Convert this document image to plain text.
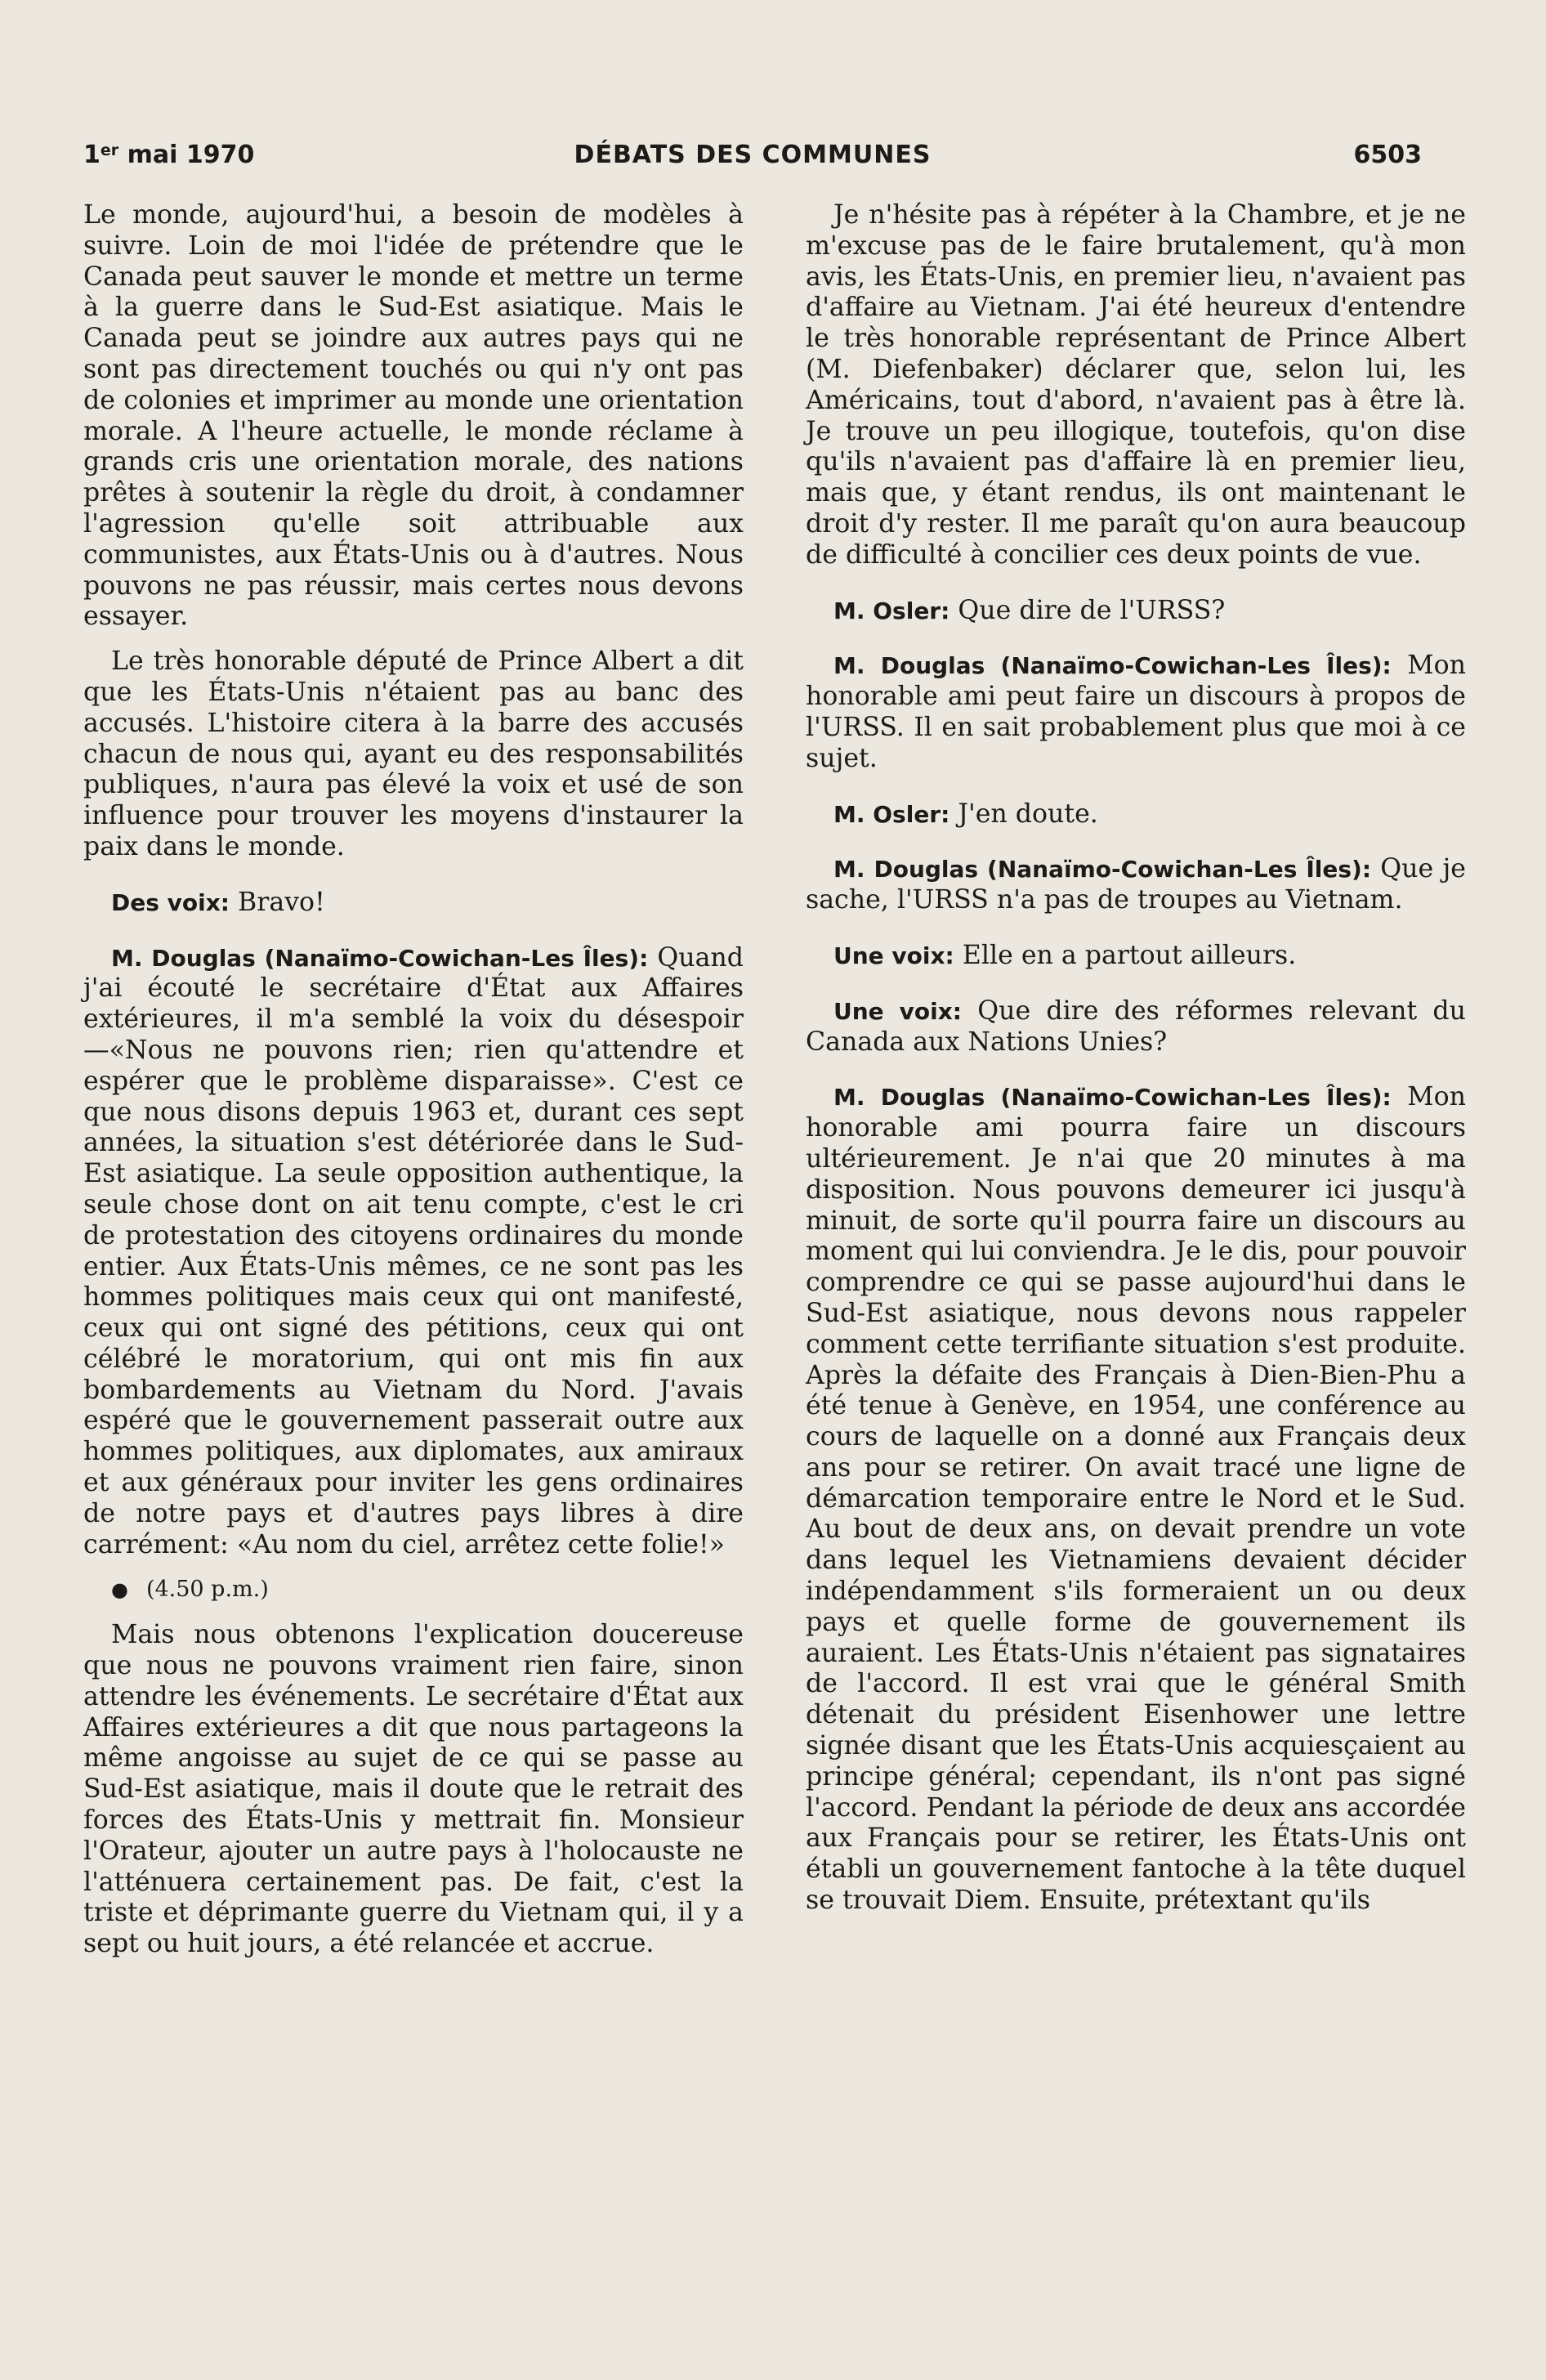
1er mai 1970	DÉBATS DES COMMUNES	6503

Le monde, aujourd'hui, a besoin de modèles à suivre. Loin de moi l'idée de prétendre que le Canada peut sauver le monde et mettre un terme à la guerre dans le Sud-Est asiatique. Mais le Canada peut se joindre aux autres pays qui ne sont pas directement touchés ou qui n'y ont pas de colonies et imprimer au monde une orientation morale. A l'heure actuelle, le monde réclame à grands cris une orientation morale, des nations prêtes à soutenir la règle du droit, à condamner l'agression qu'elle soit attribuable aux communistes, aux États-Unis ou à d'autres. Nous pouvons ne pas réussir, mais certes nous devons essayer.

Le très honorable député de Prince Albert a dit que les États-Unis n'étaient pas au banc des accusés. L'histoire citera à la barre des accusés chacun de nous qui, ayant eu des responsabilités publiques, n'aura pas élevé la voix et usé de son influence pour trouver les moyens d'instaurer la paix dans le monde.

Des voix: Bravo!

M. Douglas (Nanaïmo-Cowichan-Les Îles): Quand j'ai écouté le secrétaire d'État aux Affaires extérieures, il m'a semblé la voix du désespoir—«Nous ne pouvons rien; rien qu'attendre et espérer que le problème disparaisse». C'est ce que nous disons depuis 1963 et, durant ces sept années, la situation s'est détériorée dans le Sud-Est asiatique. La seule opposition authentique, la seule chose dont on ait tenu compte, c'est le cri de protestation des citoyens ordinaires du monde entier. Aux États-Unis mêmes, ce ne sont pas les hommes politiques mais ceux qui ont manifesté, ceux qui ont signé des pétitions, ceux qui ont célébré le moratorium, qui ont mis fin aux bombardements au Vietnam du Nord. J'avais espéré que le gouvernement passerait outre aux hommes politiques, aux diplomates, aux amiraux et aux généraux pour inviter les gens ordinaires de notre pays et d'autres pays libres à dire carrément: «Au nom du ciel, arrêtez cette folie!»

● (4.50 p.m.)

Mais nous obtenons l'explication doucereuse que nous ne pouvons vraiment rien faire, sinon attendre les événements. Le secrétaire d'État aux Affaires extérieures a dit que nous partageons la même angoisse au sujet de ce qui se passe au Sud-Est asiatique, mais il doute que le retrait des forces des États-Unis y mettrait fin. Monsieur l'Orateur, ajouter un autre pays à l'holocauste ne l'atténuera certainement pas. De fait, c'est la triste et déprimante guerre du Vietnam qui, il y a sept ou huit jours, a été relancée et accrue.

Je n'hésite pas à répéter à la Chambre, et je ne m'excuse pas de le faire brutalement, qu'à mon avis, les États-Unis, en premier lieu, n'avaient pas d'affaire au Vietnam. J'ai été heureux d'entendre le très honorable représentant de Prince Albert (M. Diefenbaker) déclarer que, selon lui, les Américains, tout d'abord, n'avaient pas à être là. Je trouve un peu illogique, toutefois, qu'on dise qu'ils n'avaient pas d'affaire là en premier lieu, mais que, y étant rendus, ils ont maintenant le droit d'y rester. Il me paraît qu'on aura beaucoup de difficulté à concilier ces deux points de vue.

M. Osler: Que dire de l'URSS?

M. Douglas (Nanaïmo-Cowichan-Les Îles): Mon honorable ami peut faire un discours à propos de l'URSS. Il en sait probablement plus que moi à ce sujet.

M. Osler: J'en doute.

M. Douglas (Nanaïmo-Cowichan-Les Îles): Que je sache, l'URSS n'a pas de troupes au Vietnam.

Une voix: Elle en a partout ailleurs.

Une voix: Que dire des réformes relevant du Canada aux Nations Unies?

M. Douglas (Nanaïmo-Cowichan-Les Îles): Mon honorable ami pourra faire un discours ultérieurement. Je n'ai que 20 minutes à ma disposition. Nous pouvons demeurer ici jusqu'à minuit, de sorte qu'il pourra faire un discours au moment qui lui conviendra. Je le dis, pour pouvoir comprendre ce qui se passe aujourd'hui dans le Sud-Est asiatique, nous devons nous rappeler comment cette terrifiante situation s'est produite. Après la défaite des Français à Dien-Bien-Phu a été tenue à Genève, en 1954, une conférence au cours de laquelle on a donné aux Français deux ans pour se retirer. On avait tracé une ligne de démarcation temporaire entre le Nord et le Sud. Au bout de deux ans, on devait prendre un vote dans lequel les Vietnamiens devaient décider indépendamment s'ils formeraient un ou deux pays et quelle forme de gouvernement ils auraient. Les États-Unis n'étaient pas signataires de l'accord. Il est vrai que le général Smith détenait du président Eisenhower une lettre signée disant que les États-Unis acquiesçaient au principe général; cependant, ils n'ont pas signé l'accord. Pendant la période de deux ans accordée aux Français pour se retirer, les États-Unis ont établi un gouvernement fantoche à la tête duquel se trouvait Diem. Ensuite, prétextant qu'ils
